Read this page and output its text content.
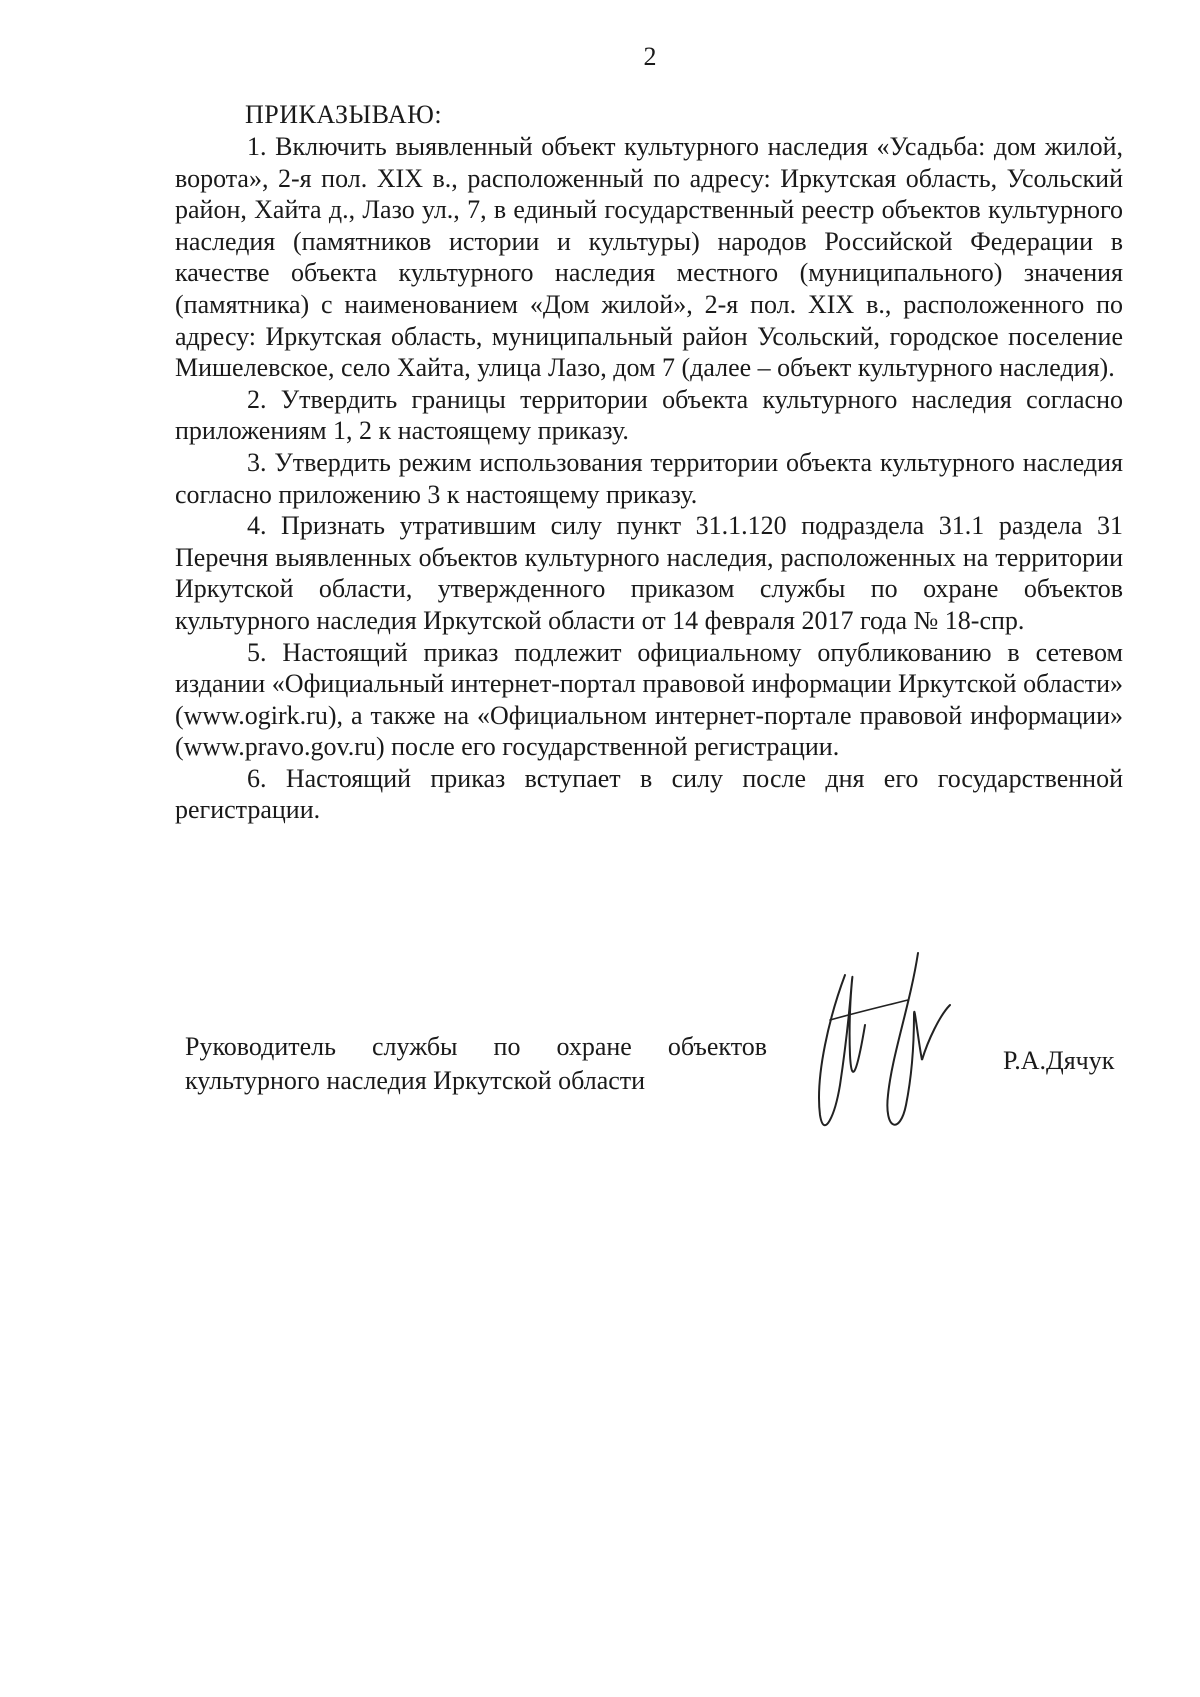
2
ПРИКАЗЫВАЮ:

1. Включить выявленный объект культурного наследия «Усадьба: дом жилой, ворота», 2-я пол. XIX в., расположенный по адресу: Иркутская область, Усольский район, Хайта д., Лазо ул., 7, в единый государственный реестр объектов культурного наследия (памятников истории и культуры) народов Российской Федерации в качестве объекта культурного наследия местного (муниципального) значения (памятника) с наименованием «Дом жилой», 2-я пол. XIX в., расположенного по адресу: Иркутская область, муниципальный район Усольский, городское поселение Мишелевское, село Хайта, улица Лазо, дом 7 (далее – объект культурного наследия).

2. Утвердить границы территории объекта культурного наследия согласно приложениям 1, 2 к настоящему приказу.

3. Утвердить режим использования территории объекта культурного наследия согласно приложению 3 к настоящему приказу.

4. Признать утратившим силу пункт 31.1.120 подраздела 31.1 раздела 31 Перечня выявленных объектов культурного наследия, расположенных на территории Иркутской области, утвержденного приказом службы по охране объектов культурного наследия Иркутской области от 14 февраля 2017 года № 18-спр.

5. Настоящий приказ подлежит официальному опубликованию в сетевом издании «Официальный интернет-портал правовой информации Иркутской области» (www.ogirk.ru), а также на «Официальном интернет-портале правовой информации» (www.pravo.gov.ru) после его государственной регистрации.

6. Настоящий приказ вступает в силу после дня его государственной регистрации.

Руководитель службы по охране объектов
культурного наследия Иркутской области
Р.А.Дячук
